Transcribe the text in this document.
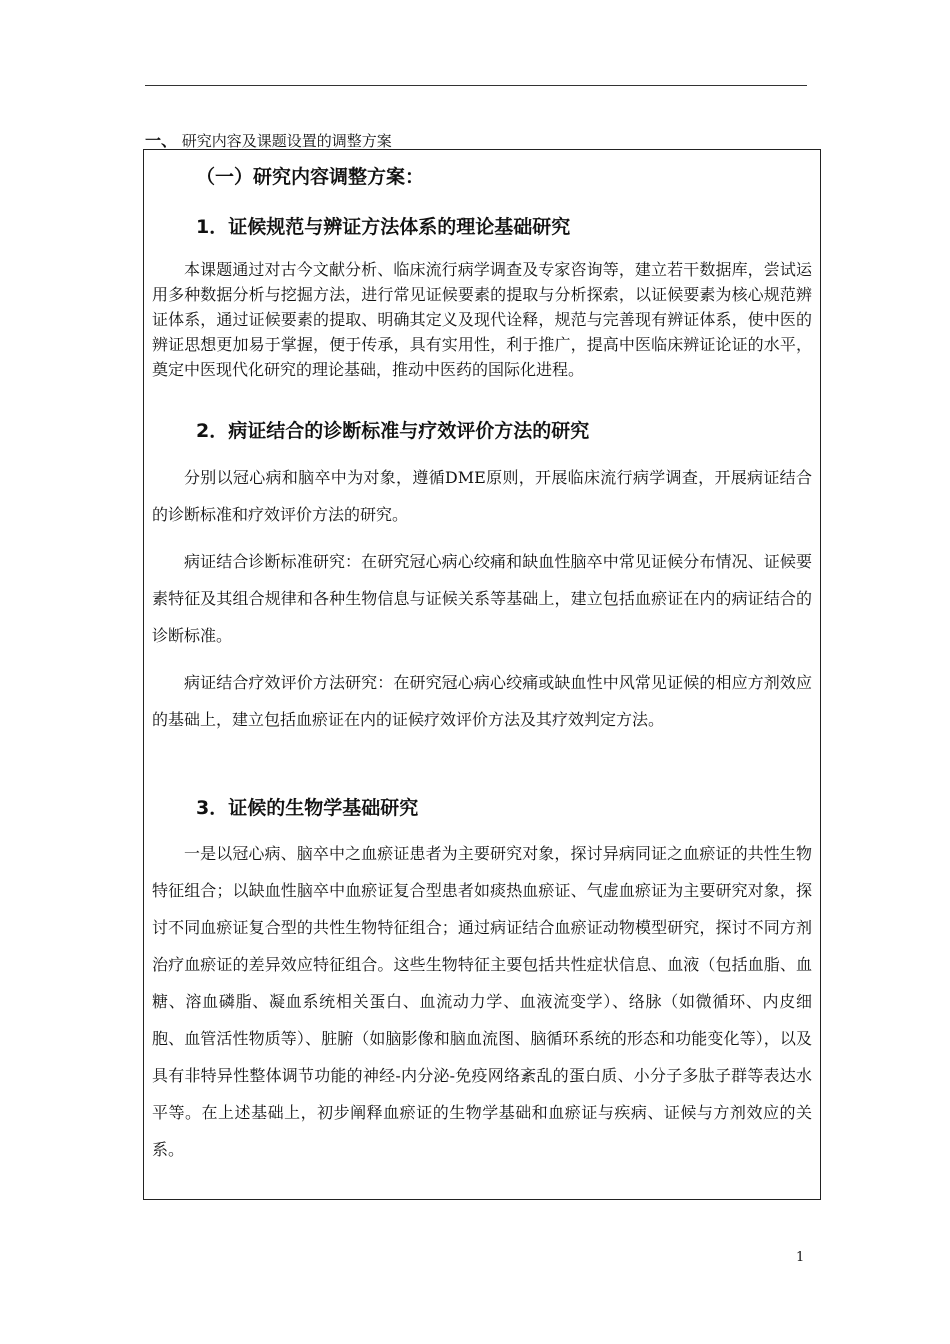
一、 研究内容及课题设置的调整方案
（一）研究内容调整方案：
1．证候规范与辨证方法体系的理论基础研究
本课题通过对古今文献分析、临床流行病学调查及专家咨询等，建立若干数据库，尝试运用多种数据分析与挖掘方法，进行常见证候要素的提取与分析探索，以证候要素为核心规范辨证体系，通过证候要素的提取、明确其定义及现代诠释，规范与完善现有辨证体系，使中医的辨证思想更加易于掌握，便于传承，具有实用性，利于推广，提高中医临床辨证论证的水平，奠定中医现代化研究的理论基础，推动中医药的国际化进程。
2．病证结合的诊断标准与疗效评价方法的研究
分别以冠心病和脑卒中为对象，遵循DME原则，开展临床流行病学调查，开展病证结合的诊断标准和疗效评价方法的研究。
病证结合诊断标准研究：在研究冠心病心绞痛和缺血性脑卒中常见证候分布情况、证候要素特征及其组合规律和各种生物信息与证候关系等基础上，建立包括血瘀证在内的病证结合的诊断标准。
病证结合疗效评价方法研究：在研究冠心病心绞痛或缺血性中风常见证候的相应方剂效应的基础上，建立包括血瘀证在内的证候疗效评价方法及其疗效判定方法。
3．证候的生物学基础研究
一是以冠心病、脑卒中之血瘀证患者为主要研究对象，探讨异病同证之血瘀证的共性生物特征组合；以缺血性脑卒中血瘀证复合型患者如痰热血瘀证、气虚血瘀证为主要研究对象，探讨不同血瘀证复合型的共性生物特征组合；通过病证结合血瘀证动物模型研究，探讨不同方剂治疗血瘀证的差异效应特征组合。这些生物特征主要包括共性症状信息、血液（包括血脂、血糖、溶血磷脂、凝血系统相关蛋白、血流动力学、血液流变学）、络脉（如微循环、内皮细胞、血管活性物质等）、脏腑（如脑影像和脑血流图、脑循环系统的形态和功能变化等），以及具有非特异性整体调节功能的神经-内分泌-免疫网络紊乱的蛋白质、小分子多肽子群等表达水平等。在上述基础上，初步阐释血瘀证的生物学基础和血瘀证与疾病、证候与方剂效应的关系。
1
